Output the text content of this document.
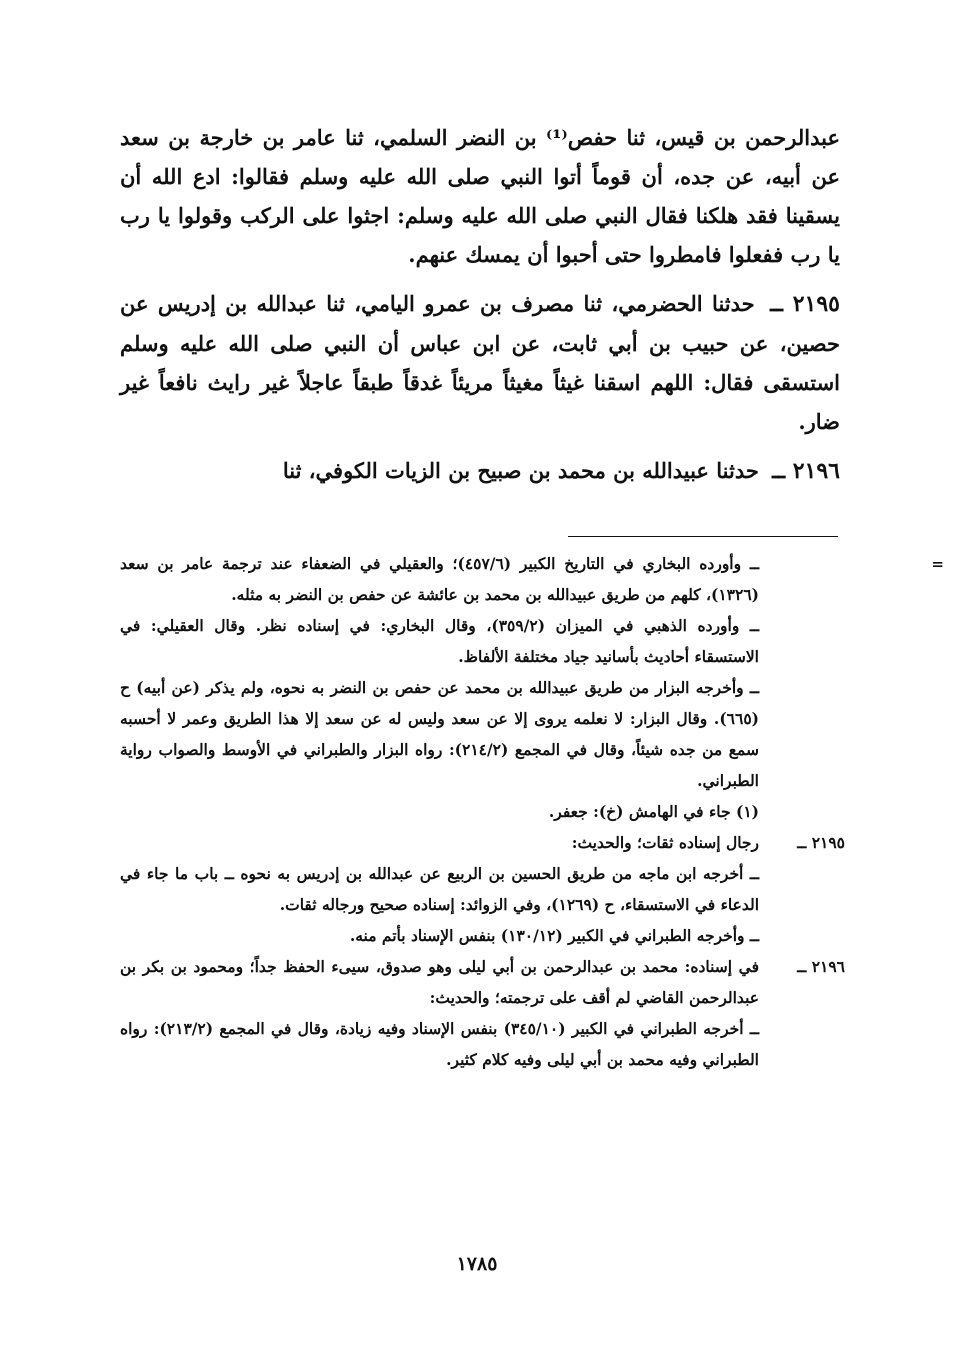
عبدالرحمن بن قيس، ثنا حفص⁽¹⁾ بن النضر السلمي، ثنا عامر بن خارجة بن سعد عن أبيه، عن جده، أن قوماً أتوا النبي صلى الله عليه وسلم فقالوا: ادع الله أن يسقينا فقد هلكنا فقال النبي صلى الله عليه وسلم: اجثوا على الركب وقولوا يا رب يا رب ففعلوا فامطروا حتى أحبوا أن يمسك عنهم.

٢١٩٥ ــ حدثنا الحضرمي، ثنا مصرف بن عمرو اليامي، ثنا عبدالله بن إدريس عن حصين، عن حبيب بن أبي ثابت، عن ابن عباس أن النبي صلى الله عليه وسلم استسقى فقال: اللهم اسقنا غيثاً مغيثاً مريئاً غدقاً طبقاً عاجلاً غير رايث نافعاً غير ضار.

٢١٩٦ ــ حدثنا عبيدالله بن محمد بن صبيح بن الزيات الكوفي، ثنا

=

ــ وأورده البخاري في التاريخ الكبير (٤٥٧/٦)؛ والعقيلي في الضعفاء عند ترجمة عامر بن سعد (١٣٢٦)، كلهم من طريق عبيدالله بن محمد بن عائشة عن حفص بن النضر به مثله.

ــ وأورده الذهبي في الميزان (٣٥٩/٢)، وقال البخاري: في إسناده نظر. وقال العقيلي: في الاستسقاء أحاديث بأسانيد جياد مختلفة الألفاظ.

ــ وأخرجه البزار من طريق عبيدالله بن محمد عن حفص بن النضر به نحوه، ولم يذكر (عن أبيه) ح (٦٦٥). وقال البزار: لا نعلمه يروى إلا عن سعد وليس له عن سعد إلا هذا الطريق وعمر لا أحسبه سمع من جده شيئاً، وقال في المجمع (٢١٤/٢): رواه البزار والطبراني في الأوسط والصواب رواية الطبراني.

(١) جاء في الهامش (خ): جعفر.

٢١٩٥ ــ

رجال إسناده ثقات؛ والحديث:

ــ أخرجه ابن ماجه من طريق الحسين بن الربيع عن عبدالله بن إدريس به نحوه ــ باب ما جاء في الدعاء في الاستسقاء، ح (١٢٦٩)، وفي الزوائد: إسناده صحيح ورجاله ثقات.

ــ وأخرجه الطبراني في الكبير (١٣٠/١٢) بنفس الإسناد بأتم منه.

٢١٩٦ ــ

في إسناده: محمد بن عبدالرحمن بن أبي ليلى وهو صدوق، سيىء الحفظ جداً؛ ومحمود بن بكر بن عبدالرحمن القاضي لم أقف على ترجمته؛ والحديث:

ــ أخرجه الطبراني في الكبير (٣٤٥/١٠) بنفس الإسناد وفيه زيادة، وقال في المجمع (٢١٣/٢): رواه الطبراني وفيه محمد بن أبي ليلى وفيه كلام كثير.

١٧٨٥
